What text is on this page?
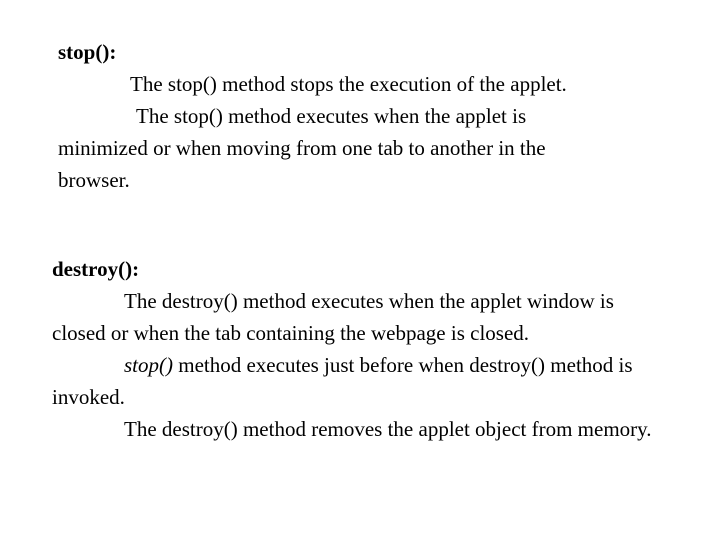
stop():

The stop() method stops the execution of the applet.

The stop() method executes when the applet is minimized or when moving from one tab to another in the browser.

destroy():

The destroy() method executes when the applet window is closed or when the tab containing the webpage is closed.

stop() method executes just before when destroy() method is invoked.

The destroy() method removes the applet object from memory.
